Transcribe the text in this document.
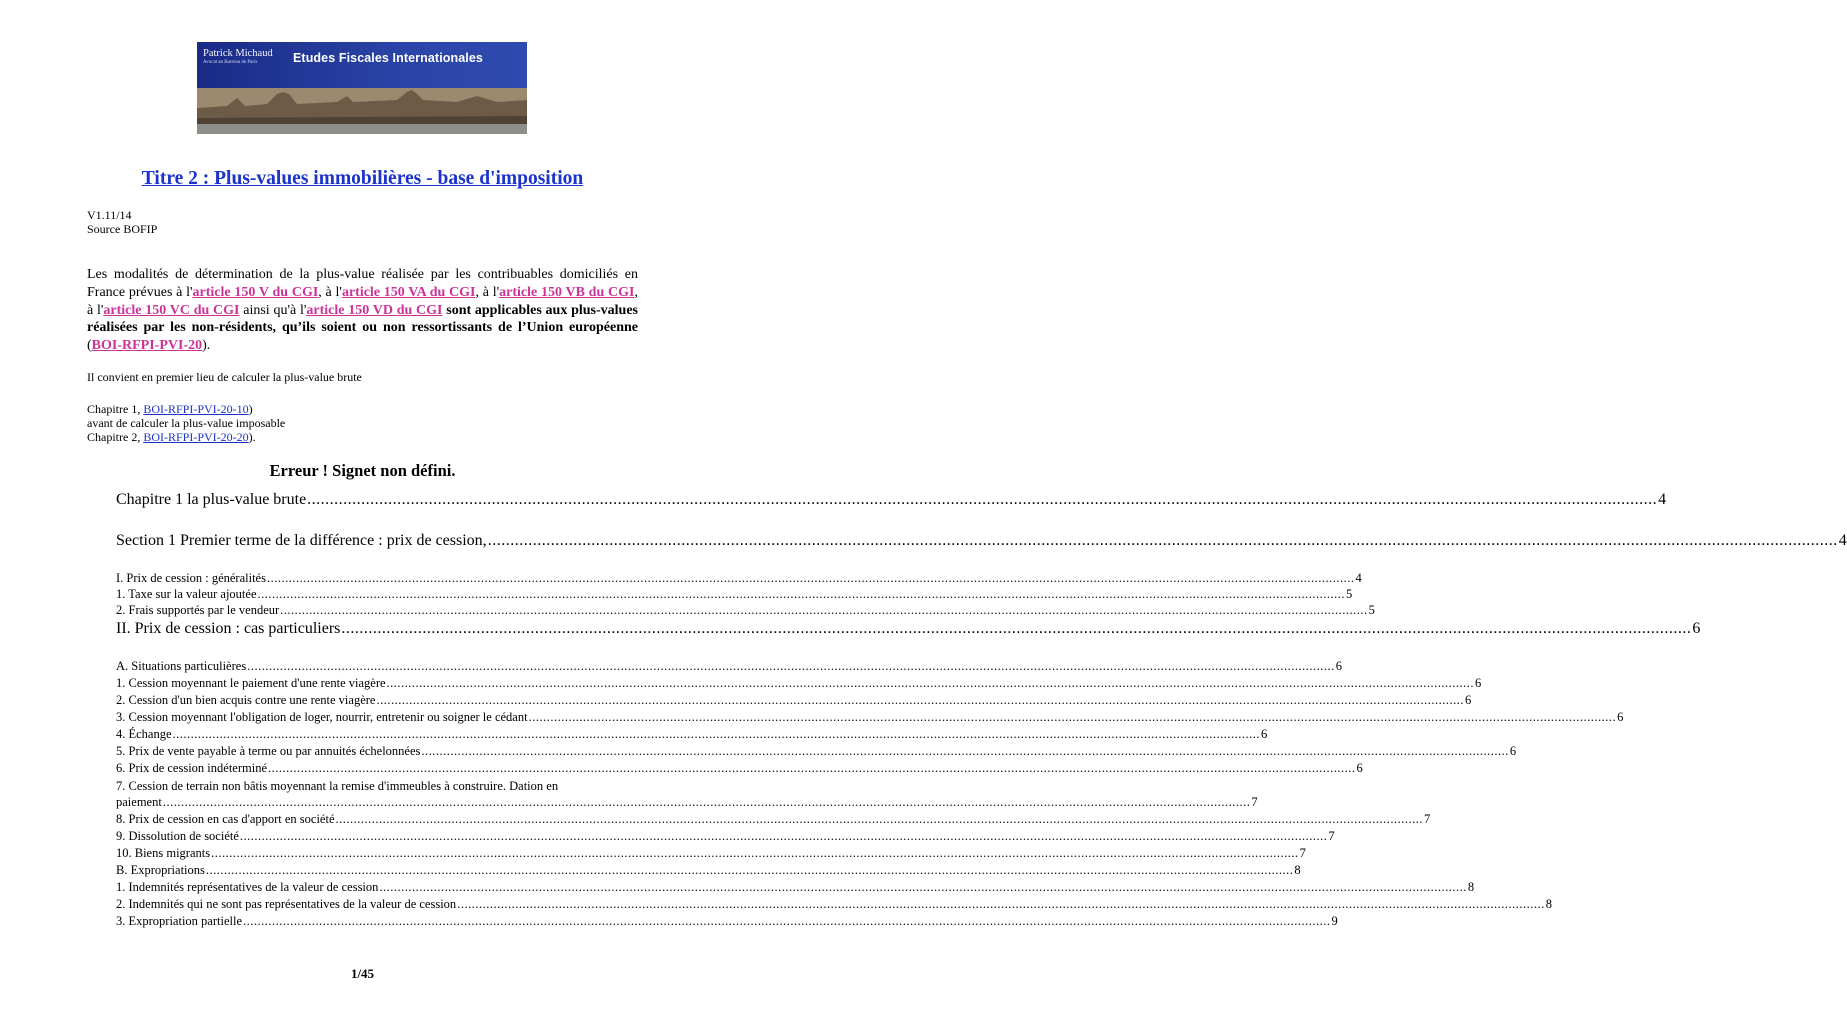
Patrick Michaud
Avocat au Barreau de Paris	Etudes Fiscales Internationales
Titre 2 : Plus-values immobilières - base d'imposition
V1.11/14
Source BOFIP
Les modalités de détermination de la plus-value réalisée par les contribuables domiciliés en France prévues à l'article 150 V du CGI, à l'article 150 VA du CGI, à l'article 150 VB du CGI, à l'article 150 VC du CGI ainsi qu'à l'article 150 VD du CGI sont applicables aux plus-values réalisées par les non-résidents, qu’ils soient ou non ressortissants de l’Union européenne (BOI-RFPI-PVI-20).
Il convient en premier lieu de calculer la plus-value brute
Chapitre 1, BOI-RFPI-PVI-20-10)
avant de calculer la plus-value imposable
Chapitre 2, BOI-RFPI-PVI-20-20).
Erreur ! Signet non défini.
Chapitre 1 la plus-value brute ............................................................................................................................................................................................................................................................................................................ 4
Section 1 Premier terme de la différence : prix de cession, ............................................................................................................................................................................................................................................................................................................ 4
I. Prix de cession : généralités ............................................................................................................................................................................................................................................................................................................ 4
1. Taxe sur la valeur ajoutée ............................................................................................................................................................................................................................................................................................................ 5
2. Frais supportés par le vendeur ............................................................................................................................................................................................................................................................................................................ 5
II. Prix de cession : cas particuliers ............................................................................................................................................................................................................................................................................................................ 6
A. Situations particulières ............................................................................................................................................................................................................................................................................................................ 6
1. Cession moyennant le paiement d'une rente viagère ............................................................................................................................................................................................................................................................................................................ 6
2. Cession d'un bien acquis contre une rente viagère ............................................................................................................................................................................................................................................................................................................ 6
3. Cession moyennant l'obligation de loger, nourrir, entretenir ou soigner le cédant ............................................................................................................................................................................................................................................................................................................ 6
4. Échange ............................................................................................................................................................................................................................................................................................................ 6
5. Prix de vente payable à terme ou par annuités échelonnées ............................................................................................................................................................................................................................................................................................................ 6
6. Prix de cession indéterminé ............................................................................................................................................................................................................................................................................................................ 6
7. Cession de terrain non bâtis moyennant la remise d'immeubles à construire. Dation en
paiement ............................................................................................................................................................................................................................................................................................................ 7
8. Prix de cession en cas d'apport en société ............................................................................................................................................................................................................................................................................................................ 7
9. Dissolution de société ............................................................................................................................................................................................................................................................................................................ 7
10. Biens migrants ............................................................................................................................................................................................................................................................................................................ 7
B. Expropriations ............................................................................................................................................................................................................................................................................................................ 8
1. Indemnités représentatives de la valeur de cession ............................................................................................................................................................................................................................................................................................................ 8
2. Indemnités qui ne sont pas représentatives de la valeur de cession ............................................................................................................................................................................................................................................................................................................ 8
3. Expropriation partielle ............................................................................................................................................................................................................................................................................................................ 9
1/45
